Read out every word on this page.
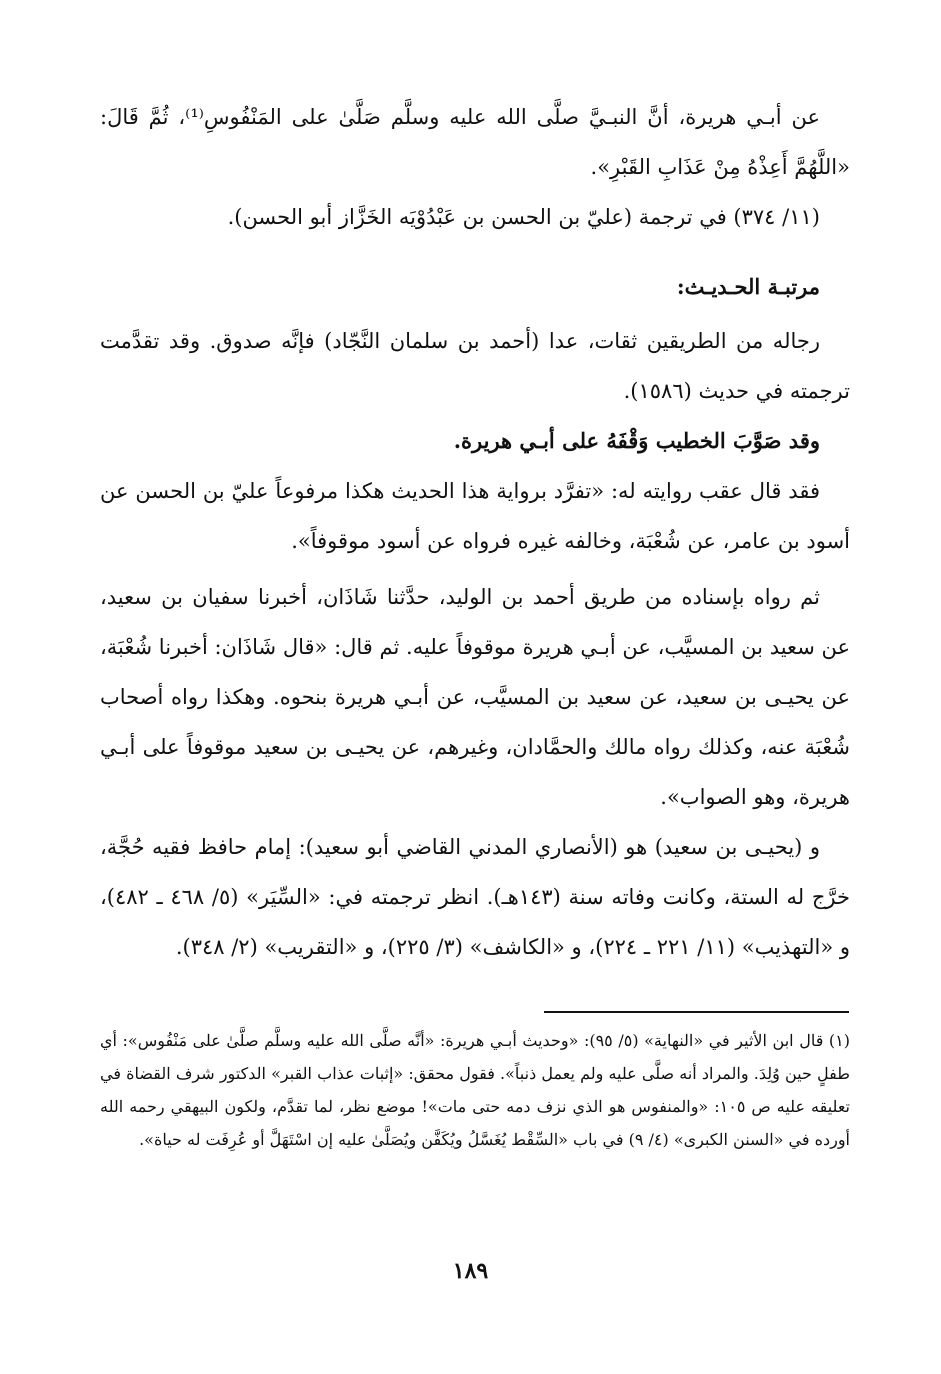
عن أبـي هريرة، أنَّ النبـيَّ صلَّى الله عليه وسلَّم صَلَّىٰ على المَنْفُوسِ⁽¹⁾، ثُمَّ قَالَ: «اللَّهُمَّ أَعِذْهُ مِنْ عَذَابِ القَبْرِ».

(١١/ ٣٧٤) في ترجمة (عليّ بن الحسن بن عَبْدُوْيَه الخَزَّاز أبو الحسن).

مرتبـة الحـديـث:

رجاله من الطريقين ثقات، عدا (أحمد بن سلمان النَّجّاد) فإنَّه صدوق. وقد تقدَّمت ترجمته في حديث (١٥٨٦).

وقد صَوَّبَ الخطيب وَقْفَهُ على أبـي هريرة.

فقد قال عقب روايته له: «تفرَّد برواية هذا الحديث هكذا مرفوعاً عليّ بن الحسن عن أسود بن عامر، عن شُعْبَة، وخالفه غيره فرواه عن أسود موقوفاً».

ثم رواه بإسناده من طريق أحمد بن الوليد، حدَّثنا شَاذَان، أخبرنا سفيان بن سعيد، عن سعيد بن المسيَّب، عن أبـي هريرة موقوفاً عليه. ثم قال: «قال شَاذَان: أخبرنا شُعْبَة، عن يحيـى بن سعيد، عن سعيد بن المسيَّب، عن أبـي هريرة بنحوه. وهكذا رواه أصحاب شُعْبَة عنه، وكذلك رواه مالك والحمَّادان، وغيرهم، عن يحيـى بن سعيد موقوفاً على أبـي هريرة، وهو الصواب».

و (يحيـى بن سعيد) هو (الأنصاري المدني القاضي أبو سعيد): إمام حافظ فقيه حُجَّة، خرَّج له الستة، وكانت وفاته سنة (١٤٣هـ). انظر ترجمته في: «السِّيَر» (٥/ ٤٦٨ ـ ٤٨٢)، و «التهذيب» (١١/ ٢٢١ ـ ٢٢٤)، و «الكاشف» (٣/ ٢٢٥)، و «التقريب» (٢/ ٣٤٨).

(١) قال ابن الأثير في «النهاية» (٥/ ٩٥): «وحديث أبـي هريرة: «أنَّه صلَّى الله عليه وسلَّم صلَّىٰ على مَنْفُوس»: أي طفلٍ حين وُلِدَ. والمراد أنه صلَّى عليه ولم يعمل ذنباً». فقول محقق: «إثبات عذاب القبر» الدكتور شرف القضاة في تعليقه عليه ص ١٠٥: «والمنفوس هو الذي نزف دمه حتى مات»! موضع نظر، لما تقدَّم، ولكون البيهقي رحمه الله أورده في «السنن الكبرى» (٤/ ٩) في باب «السِّقْط يُغَسَّلُ ويُكَفَّن ويُصَلَّىٰ عليه إن اسْتَهَلَّ أو عُرِفَت له حياة».

١٨٩
